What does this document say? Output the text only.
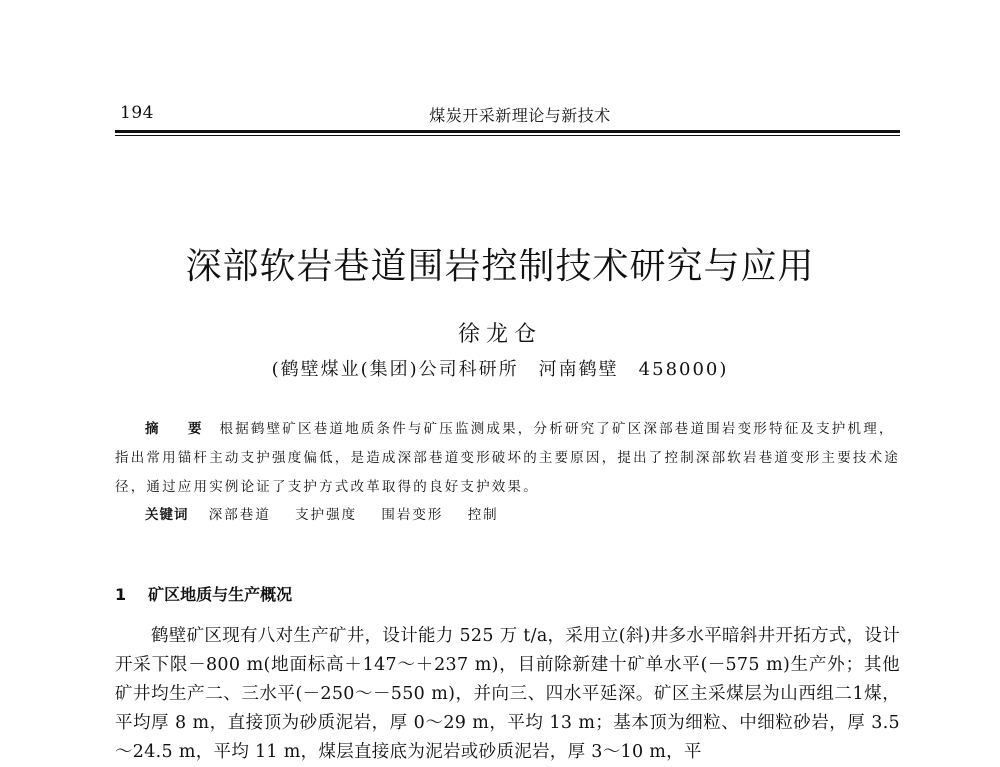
194	煤炭开采新理论与新技术
深部软岩巷道围岩控制技术研究与应用
徐龙仓
(鹤壁煤业(集团)公司科研所　河南鹤壁　458000)
摘　要 根据鹤壁矿区巷道地质条件与矿压监测成果，分析研究了矿区深部巷道围岩变形特征及支护机理，指出常用锚杆主动支护强度偏低，是造成深部巷道变形破坏的主要原因，提出了控制深部软岩巷道变形主要技术途径，通过应用实例论证了支护方式改革取得的良好支护效果。
关键词 深部巷道 支护强度 围岩变形 控制
1 矿区地质与生产概况
鹤壁矿区现有八对生产矿井，设计能力 525 万 t/a，采用立(斜)井多水平暗斜井开拓方式，设计开采下限－800 m(地面标高＋147～＋237 m)，目前除新建十矿单水平(－575 m)生产外；其他矿井均生产二、三水平(－250～－550 m)，并向三、四水平延深。矿区主采煤层为山西组二1煤，平均厚 8 m，直接顶为砂质泥岩，厚 0～29 m，平均 13 m；基本顶为细粒、中细粒砂岩，厚 3.5～24.5 m，平均 11 m，煤层直接底为泥岩或砂质泥岩，厚 3～10 m，平
